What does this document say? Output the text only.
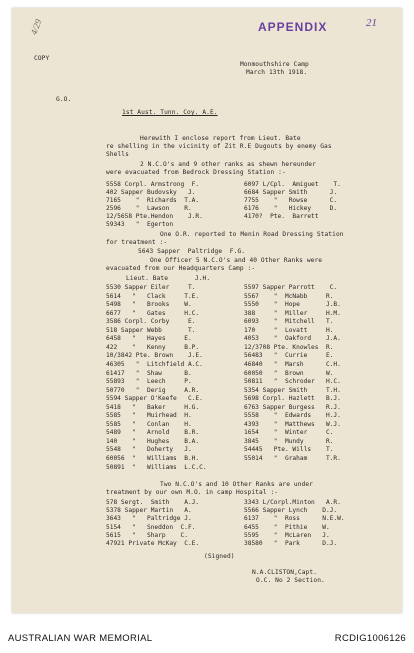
4/29	APPENDIX	21
COPY
Monmouthshire Camp
March 13th 1918.
G.O.
1st Aust. Tunn. Coy. A.E.
Herewith I enclose report from Lieut. Bate
re shelling in the vicinity of Zit R.E Dugouts by enemy Gas
Shells
2 N.C.O's and 9 other ranks as shewn hereunder
were evacuated from Bedrock Dressing Station :-
5558 Corpl. Armstrong  F.	6097 L/Cpl.  Amiguet    T.
402 Sapper Budovsky   J.	6684 Sapper Smith      J.
7165    "  Richards  T.A.	7755    "   Rowse      C.
2596    "  Lawson    R.	6176    "   Hickey     D.
12/5658 Pte.Hendon    J.R.	4170?  Pte.  Barrett
59343   "  Egerton
One O.R. reported to Menin Road Dressing Station
for treatment :-
5643 Sapper  Paltridge  F.G.
One Officer 5 N.C.O's and 40 Other Ranks were
evacuated from our Headquarters Camp :-
Lieut. Bate       J.H.
5530 Sapper Eiler     T.	5597 Sapper Parrott    C.
5614   "   Clack     T.E.	5567    "  McNabb     R.
5498   "   Brooks    W.	5550    "  Hope       J.B.
6677   "   Gates     H.C.	388     "  Miller     H.M.
3586 Corpl. Corby     E.	6093    "  Mitchell   T.
518 Sapper Webb       T.	170     "  Lovatt     H.
6458   "   Hayes     E.	4053    "  Oakford    J.A.
422    "   Kenny     B.P.	12/3708 Pte. Knowles  R.
10/3842 Pte. Brown    J.E.	56483   "  Currie     E.
46305   "  Litchfield A.C.	46840   "  Marsh      C.H.
61417   "  Shaw      B.	60050   "  Brown      W.
55893   "  Leech     P.	50811   "  Schroder   H.C.
50770   "  Derig     A.R.	5354 Sapper Smith     T.H.
5594 Sapper O'Keefe   C.E.	5698 Corpl. Hazlett   B.J.
5418   "   Baker     H.G.	6763 Sapper Burgess   R.J.
5585   "   Muirhead  H.	5558    "  Edwards    H.J.
5585   "   Conlan    H.	4393    "  Matthews   W.J.
5489   "   Arnold    B.R.	1654    "  Winter     C.
140    "   Hughes    B.A.	3845    "  Mundy      R.
5548   "   Doherty   J.	54445   Pte. Wills    T.
60056  "   Williams  B.H.	55014   "  Graham     T.R.
50891  "   Williams  L.C.C.
Two N.C.O's and 10 Other Ranks are under
treatment by our own M.O. in camp Hospital :-
578 Sergt.  Smith    A.J.	3343 L/Corpl.Minton   A.R.
5378 Sapper Martin   A.	5566 Sapper Lynch    D.J.
3643   "   Paltridge J.	6137    "  Ross      N.E.W.
5154   "   Sneddon  C.F.	6455    "  Pithie    W.
5615   "   Sharp    C.	5595    "  McLaren   J.
47921 Private McKay  C.E.	38580   "  Park      D.J.
(Signed)
N.A.CLISTON,Capt.
O.C. No 2 Section.
AUSTRALIAN WAR MEMORIAL	RCDIG1006126
